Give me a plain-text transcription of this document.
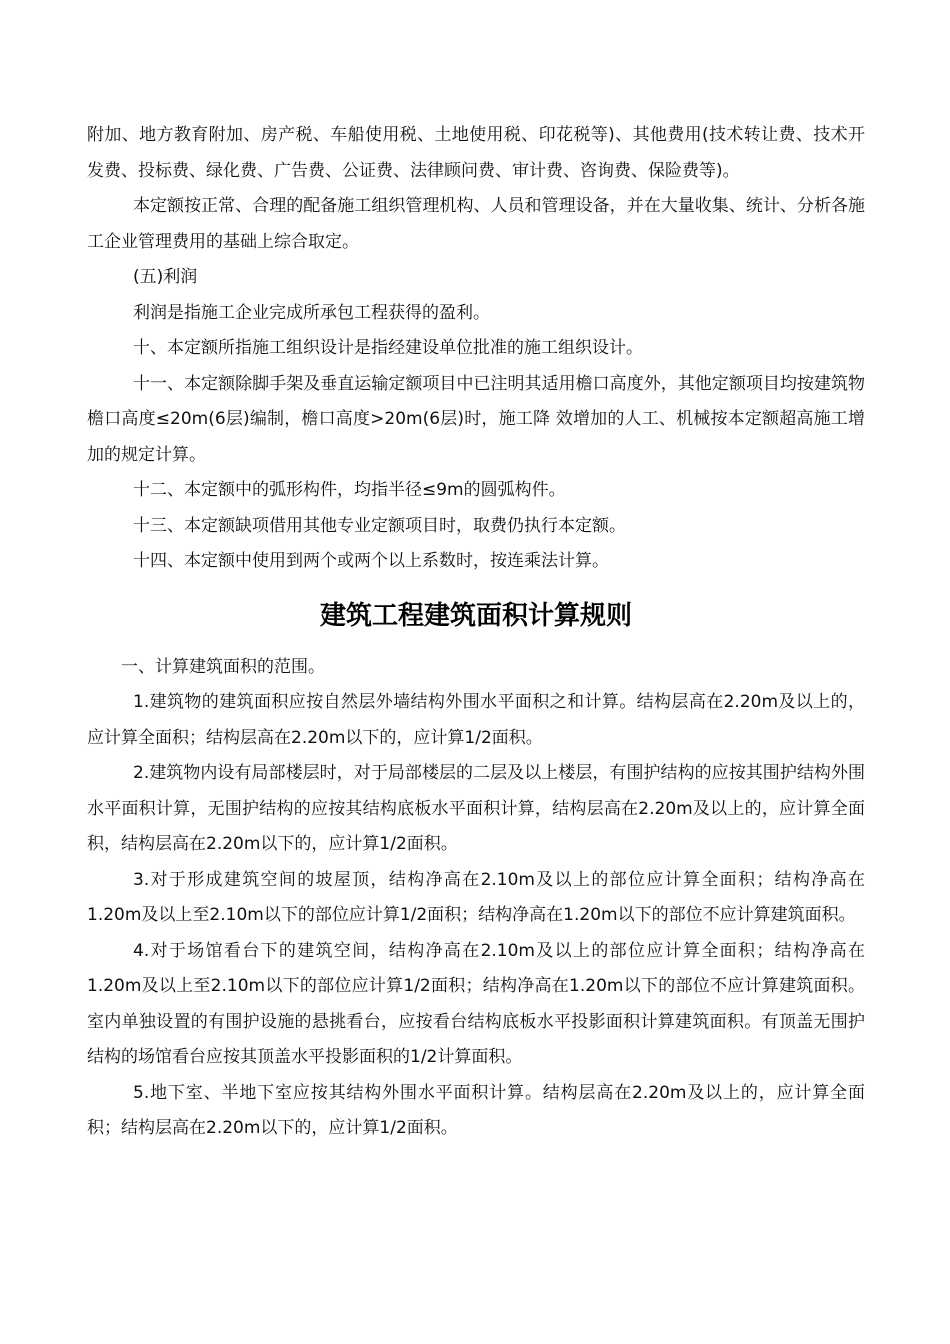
附加、地方教育附加、房产税、车船使用税、土地使用税、印花税等)、其他费用(技术转让费、技术开发费、投标费、绿化费、广告费、公证费、法律顾问费、审计费、咨询费、保险费等)。

本定额按正常、合理的配备施工组织管理机构、人员和管理设备，并在大量收集、统计、分析各施工企业管理费用的基础上综合取定。

(五)利润

利润是指施工企业完成所承包工程获得的盈利。

十、本定额所指施工组织设计是指经建设单位批准的施工组织设计。

十一、本定额除脚手架及垂直运输定额项目中已注明其适用檐口高度外，其他定额项目均按建筑物檐口高度≤20m(6层)编制，檐口高度>20m(6层)时，施工降 效增加的人工、机械按本定额超高施工增加的规定计算。

十二、本定额中的弧形构件，均指半径≤9m的圆弧构件。

十三、本定额缺项借用其他专业定额项目时，取费仍执行本定额。

十四、本定额中使用到两个或两个以上系数时，按连乘法计算。

建筑工程建筑面积计算规则

一、计算建筑面积的范围。

1.建筑物的建筑面积应按自然层外墙结构外围水平面积之和计算。结构层高在2.20m及以上的，应计算全面积；结构层高在2.20m以下的，应计算1/2面积。

2.建筑物内设有局部楼层时，对于局部楼层的二层及以上楼层，有围护结构的应按其围护结构外围水平面积计算，无围护结构的应按其结构底板水平面积计算，结构层高在2.20m及以上的，应计算全面积，结构层高在2.20m以下的，应计算1/2面积。

3.对于形成建筑空间的坡屋顶，结构净高在2.10m及以上的部位应计算全面积；结构净高在1.20m及以上至2.10m以下的部位应计算1/2面积；结构净高在1.20m以下的部位不应计算建筑面积。

4.对于场馆看台下的建筑空间，结构净高在2.10m及以上的部位应计算全面积；结构净高在1.20m及以上至2.10m以下的部位应计算1/2面积；结构净高在1.20m以下的部位不应计算建筑面积。室内单独设置的有围护设施的悬挑看台，应按看台结构底板水平投影面积计算建筑面积。有顶盖无围护结构的场馆看台应按其顶盖水平投影面积的1/2计算面积。

5.地下室、半地下室应按其结构外围水平面积计算。结构层高在2.20m及以上的，应计算全面积；结构层高在2.20m以下的，应计算1/2面积。
